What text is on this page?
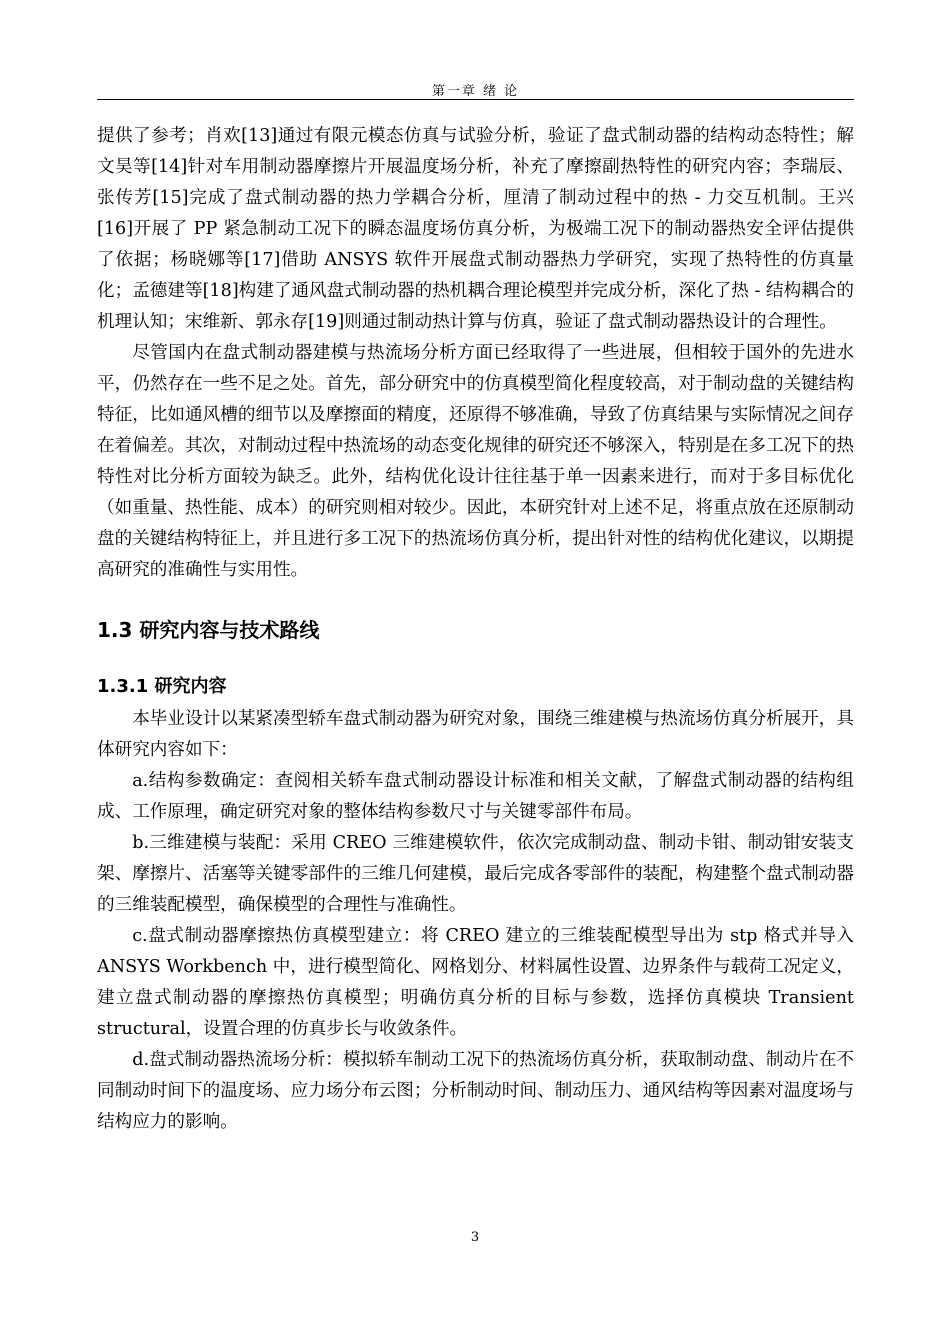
第一章 绪 论

提供了参考；肖欢[13]通过有限元模态仿真与试验分析，验证了盘式制动器的结构动态特性；解文昊等[14]针对车用制动器摩擦片开展温度场分析，补充了摩擦副热特性的研究内容；李瑞辰、张传芳[15]完成了盘式制动器的热力学耦合分析，厘清了制动过程中的热 - 力交互机制。王兴[16]开展了 PP 紧急制动工况下的瞬态温度场仿真分析，为极端工况下的制动器热安全评估提供了依据；杨晓娜等[17]借助 ANSYS 软件开展盘式制动器热力学研究，实现了热特性的仿真量化；孟德建等[18]构建了通风盘式制动器的热机耦合理论模型并完成分析，深化了热 - 结构耦合的机理认知；宋维新、郭永存[19]则通过制动热计算与仿真，验证了盘式制动器热设计的合理性。

尽管国内在盘式制动器建模与热流场分析方面已经取得了一些进展，但相较于国外的先进水平，仍然存在一些不足之处。首先，部分研究中的仿真模型简化程度较高，对于制动盘的关键结构特征，比如通风槽的细节以及摩擦面的精度，还原得不够准确，导致了仿真结果与实际情况之间存在着偏差。其次，对制动过程中热流场的动态变化规律的研究还不够深入，特别是在多工况下的热特性对比分析方面较为缺乏。此外，结构优化设计往往基于单一因素来进行，而对于多目标优化（如重量、热性能、成本）的研究则相对较少。因此，本研究针对上述不足，将重点放在还原制动盘的关键结构特征上，并且进行多工况下的热流场仿真分析，提出针对性的结构优化建议，以期提高研究的准确性与实用性。

1.3 研究内容与技术路线
1.3.1 研究内容

本毕业设计以某紧凑型轿车盘式制动器为研究对象，围绕三维建模与热流场仿真分析展开，具体研究内容如下：

a.结构参数确定：查阅相关轿车盘式制动器设计标准和相关文献，了解盘式制动器的结构组成、工作原理，确定研究对象的整体结构参数尺寸与关键零部件布局。

b.三维建模与装配：采用 CREO 三维建模软件，依次完成制动盘、制动卡钳、制动钳安装支架、摩擦片、活塞等关键零部件的三维几何建模，最后完成各零部件的装配，构建整个盘式制动器的三维装配模型，确保模型的合理性与准确性。

c.盘式制动器摩擦热仿真模型建立：将 CREO 建立的三维装配模型导出为 stp 格式并导入 ANSYS Workbench 中，进行模型简化、网格划分、材料属性设置、边界条件与载荷工况定义，建立盘式制动器的摩擦热仿真模型；明确仿真分析的目标与参数，选择仿真模块 Transient structural，设置合理的仿真步长与收敛条件。

d.盘式制动器热流场分析：模拟轿车制动工况下的热流场仿真分析，获取制动盘、制动片在不同制动时间下的温度场、应力场分布云图；分析制动时间、制动压力、通风结构等因素对温度场与结构应力的影响。

3
